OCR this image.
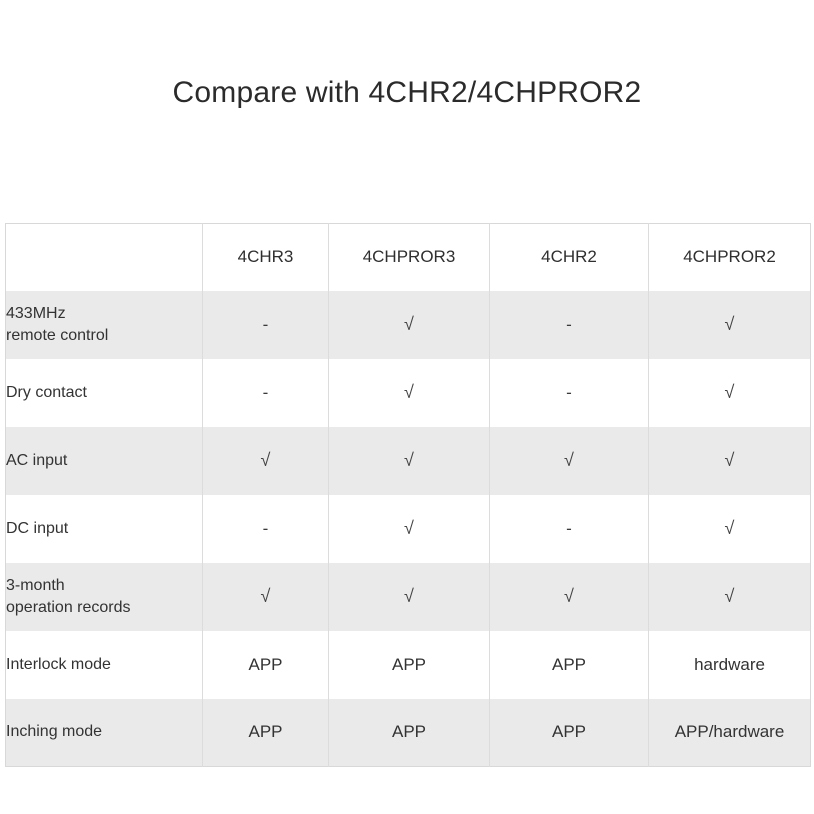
Compare with 4CHR2/4CHPROR2
	4CHR3	4CHPROR3	4CHR2	4CHPROR2
433MHz
remote control	-	√	-	√
Dry contact	-	√	-	√
AC input	√	√	√	√
DC input	-	√	-	√
3-month
operation records	√	√	√	√
Interlock mode	APP	APP	APP	hardware
Inching mode	APP	APP	APP	APP/hardware
